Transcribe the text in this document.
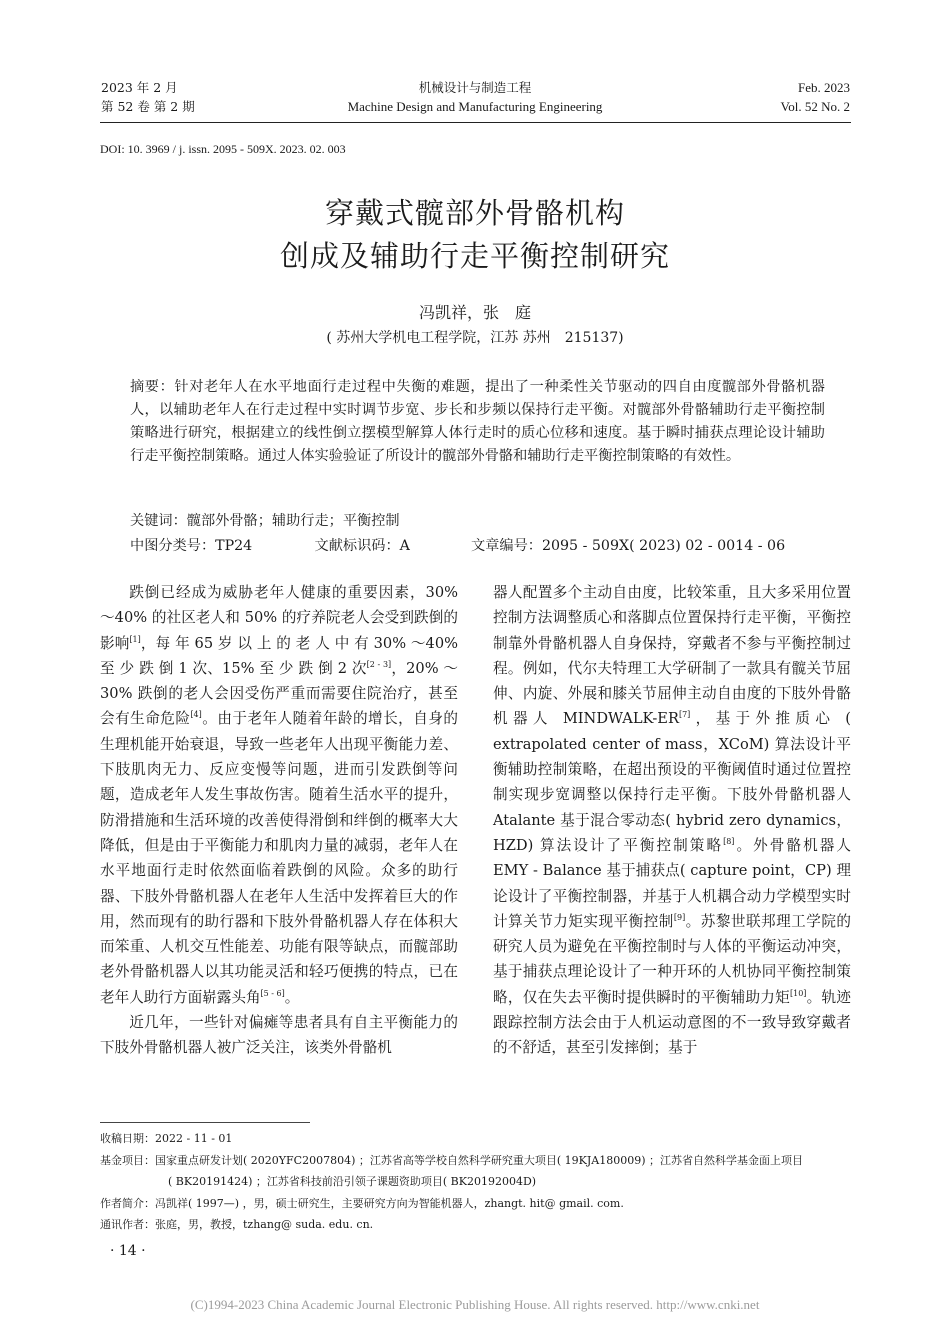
2023 年 2 月
第 52 卷 第 2 期
机械设计与制造工程
Machine Design and Manufacturing Engineering
Feb. 2023
Vol. 52 No. 2
DOI: 10. 3969 / j. issn. 2095 - 509X. 2023. 02. 003
穿戴式髋部外骨骼机构
创成及辅助行走平衡控制研究
冯凯祥，张　庭
( 苏州大学机电工程学院，江苏 苏州　215137)
摘要：针对老年人在水平地面行走过程中失衡的难题，提出了一种柔性关节驱动的四自由度髋部外骨骼机器人，以辅助老年人在行走过程中实时调节步宽、步长和步频以保持行走平衡。对髋部外骨骼辅助行走平衡控制策略进行研究，根据建立的线性倒立摆模型解算人体行走时的质心位移和速度。基于瞬时捕获点理论设计辅助行走平衡控制策略。通过人体实验验证了所设计的髋部外骨骼和辅助行走平衡控制策略的有效性。
关键词：髋部外骨骼；辅助行走；平衡控制
中图分类号：TP24	文献标识码：A	文章编号：2095 - 509X( 2023) 02 - 0014 - 06

跌倒已经成为威胁老年人健康的重要因素，30% ～40% 的社区老人和 50% 的疗养院老人会受到跌倒的影响[1]，每 年 65 岁 以 上 的 老 人 中 有 30% ～40% 至 少 跌 倒 1 次、15% 至 少 跌 倒 2 次[2 - 3]，20% ～30% 跌倒的老人会因受伤严重而需要住院治疗，甚至会有生命危险[4]。由于老年人随着年龄的增长，自身的生理机能开始衰退，导致一些老年人出现平衡能力差、下肢肌肉无力、反应变慢等问题，进而引发跌倒等问题，造成老年人发生事故伤害。随着生活水平的提升，防滑措施和生活环境的改善使得滑倒和绊倒的概率大大降低，但是由于平衡能力和肌肉力量的减弱，老年人在水平地面行走时依然面临着跌倒的风险。众多的助行器、下肢外骨骼机器人在老年人生活中发挥着巨大的作用，然而现有的助行器和下肢外骨骼机器人存在体积大而笨重、人机交互性能差、功能有限等缺点，而髋部助老外骨骼机器人以其功能灵活和轻巧便携的特点，已在老年人助行方面崭露头角[5 - 6]。

近几年，一些针对偏瘫等患者具有自主平衡能力的下肢外骨骼机器人被广泛关注，该类外骨骼机

器人配置多个主动自由度，比较笨重，且大多采用位置控制方法调整质心和落脚点位置保持行走平衡，平衡控制靠外骨骼机器人自身保持，穿戴者不参与平衡控制过程。例如，代尔夫特理工大学研制了一款具有髋关节屈伸、内旋、外展和膝关节屈伸主动自由度的下肢外骨骼机器人 MINDWALK-ER[7]，基于外推质心 ( extrapolated center of mass，XCoM) 算法设计平衡辅助控制策略，在超出预设的平衡阈值时通过位置控制实现步宽调整以保持行走平衡。下肢外骨骼机器人 Atalante 基于混合零动态( hybrid zero dynamics，HZD) 算法设计了平衡控制策略[8]。外骨骼机器人 EMY - Balance 基于捕获点( capture point，CP) 理论设计了平衡控制器，并基于人机耦合动力学模型实时计算关节力矩实现平衡控制[9]。苏黎世联邦理工学院的研究人员为避免在平衡控制时与人体的平衡运动冲突，基于捕获点理论设计了一种开环的人机协同平衡控制策略，仅在失去平衡时提供瞬时的平衡辅助力矩[10]。轨迹跟踪控制方法会由于人机运动意图的不一致导致穿戴者的不舒适，甚至引发摔倒；基于

收稿日期：2022 - 11 - 01
基金项目：国家重点研发计划( 2020YFC2007804) ；江苏省高等学校自然科学研究重大项目( 19KJA180009) ；江苏省自然科学基金面上项目
( BK20191424) ；江苏省科技前沿引领子课题资助项目( BK20192004D)
作者简介：冯凯祥( 1997—) ，男，硕士研究生，主要研究方向为智能机器人，zhangt. hit@ gmail. com.
通讯作者：张庭，男，教授，tzhang@ suda. edu. cn.
· 14 ·
(C)1994-2023 China Academic Journal Electronic Publishing House. All rights reserved. http://www.cnki.net
